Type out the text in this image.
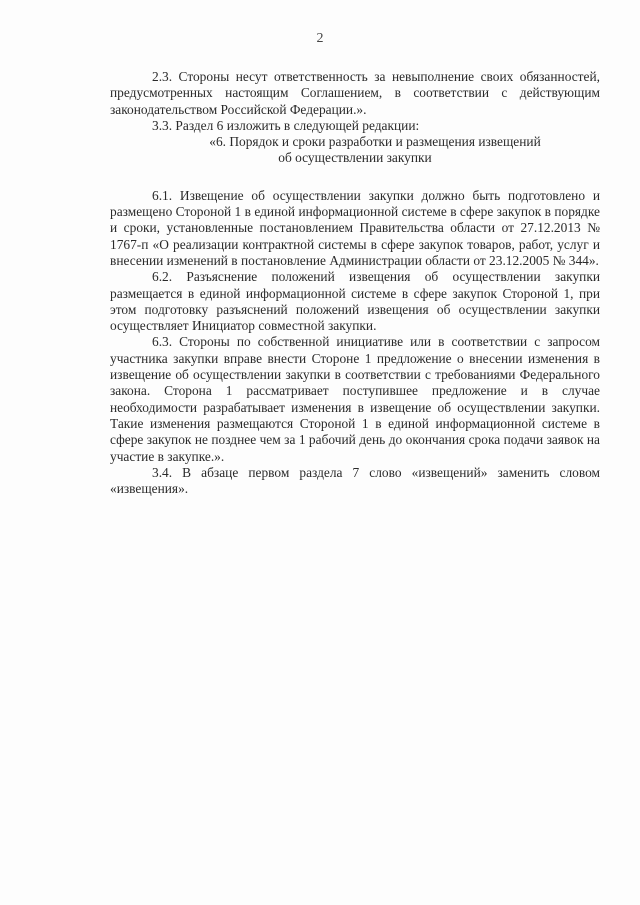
2

2.3. Стороны несут ответственность за невыполнение своих обязанностей, предусмотренных настоящим Соглашением, в соответствии с действующим законодательством Российской Федерации.».

3.3. Раздел 6 изложить в следующей редакции:

«6. Порядок и сроки разработки и размещения извещений

об осуществлении закупки

6.1. Извещение об осуществлении закупки должно быть подготовлено и размещено Стороной 1 в единой информационной системе в сфере закупок в порядке и сроки, установленные постановлением Правительства области от 27.12.2013 № 1767-п «О реализации контрактной системы в сфере закупок товаров, работ, услуг и внесении изменений в постановление Администрации области от 23.12.2005 № 344».

6.2. Разъяснение положений извещения об осуществлении закупки размещается в единой информационной системе в сфере закупок Стороной 1, при этом подготовку разъяснений положений извещения об осуществлении закупки осуществляет Инициатор совместной закупки.

6.3. Стороны по собственной инициативе или в соответствии с запросом участника закупки вправе внести Стороне 1 предложение о внесении изменения в извещение об осуществлении закупки в соответствии с требованиями Федерального закона. Сторона 1 рассматривает поступившее предложение и в случае необходимости разрабатывает изменения в извещение об осуществлении закупки. Такие изменения размещаются Стороной 1 в единой информационной системе в сфере закупок не позднее чем за 1 рабочий день до окончания срока подачи заявок на участие в закупке.».

3.4. В абзаце первом раздела 7 слово «извещений» заменить словом «извещения».
